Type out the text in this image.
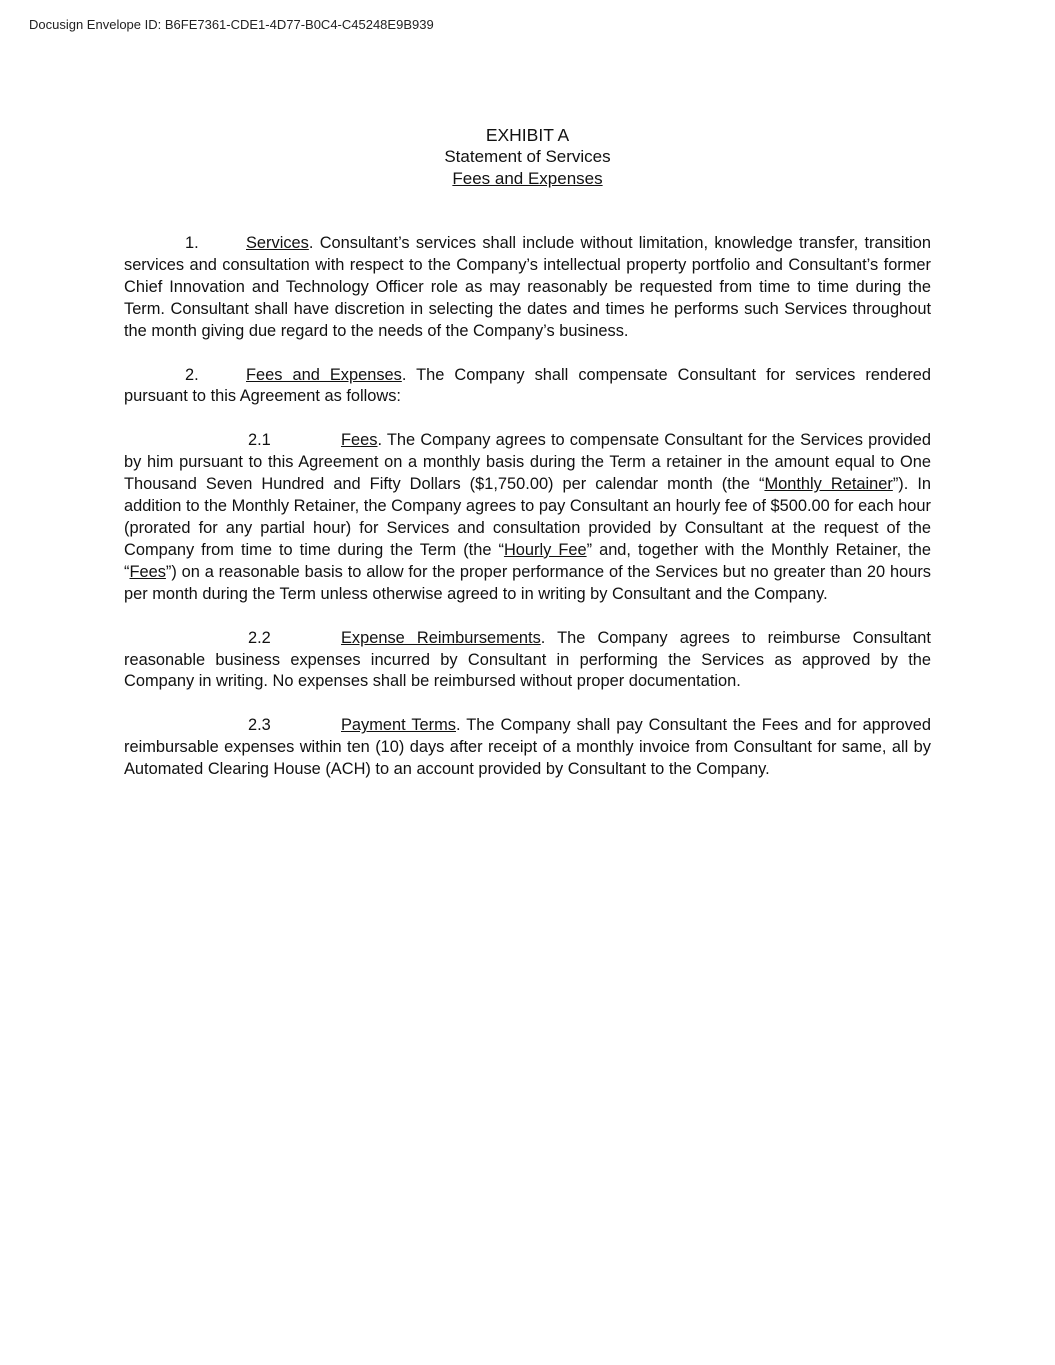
Docusign Envelope ID: B6FE7361-CDE1-4D77-B0C4-C45248E9B939
EXHIBIT A
Statement of Services
Fees and Expenses

1.	Services. Consultant’s services shall include without limitation, knowledge transfer, transition services and consultation with respect to the Company’s intellectual property portfolio and Consultant’s former Chief Innovation and Technology Officer role as may reasonably be requested from time to time during the Term. Consultant shall have discretion in selecting the dates and times he performs such Services throughout the month giving due regard to the needs of the Company’s business.

2.	Fees and Expenses. The Company shall compensate Consultant for services rendered pursuant to this Agreement as follows:

2.1	Fees. The Company agrees to compensate Consultant for the Services provided by him pursuant to this Agreement on a monthly basis during the Term a retainer in the amount equal to One Thousand Seven Hundred and Fifty Dollars ($1,750.00) per calendar month (the “Monthly Retainer”). In addition to the Monthly Retainer, the Company agrees to pay Consultant an hourly fee of $500.00 for each hour (prorated for any partial hour) for Services and consultation provided by Consultant at the request of the Company from time to time during the Term (the “Hourly Fee” and, together with the Monthly Retainer, the “Fees”) on a reasonable basis to allow for the proper performance of the Services but no greater than 20 hours per month during the Term unless otherwise agreed to in writing by Consultant and the Company.

2.2	Expense Reimbursements. The Company agrees to reimburse Consultant reasonable business expenses incurred by Consultant in performing the Services as approved by the Company in writing. No expenses shall be reimbursed without proper documentation.

2.3	Payment Terms. The Company shall pay Consultant the Fees and for approved reimbursable expenses within ten (10) days after receipt of a monthly invoice from Consultant for same, all by Automated Clearing House (ACH) to an account provided by Consultant to the Company.
